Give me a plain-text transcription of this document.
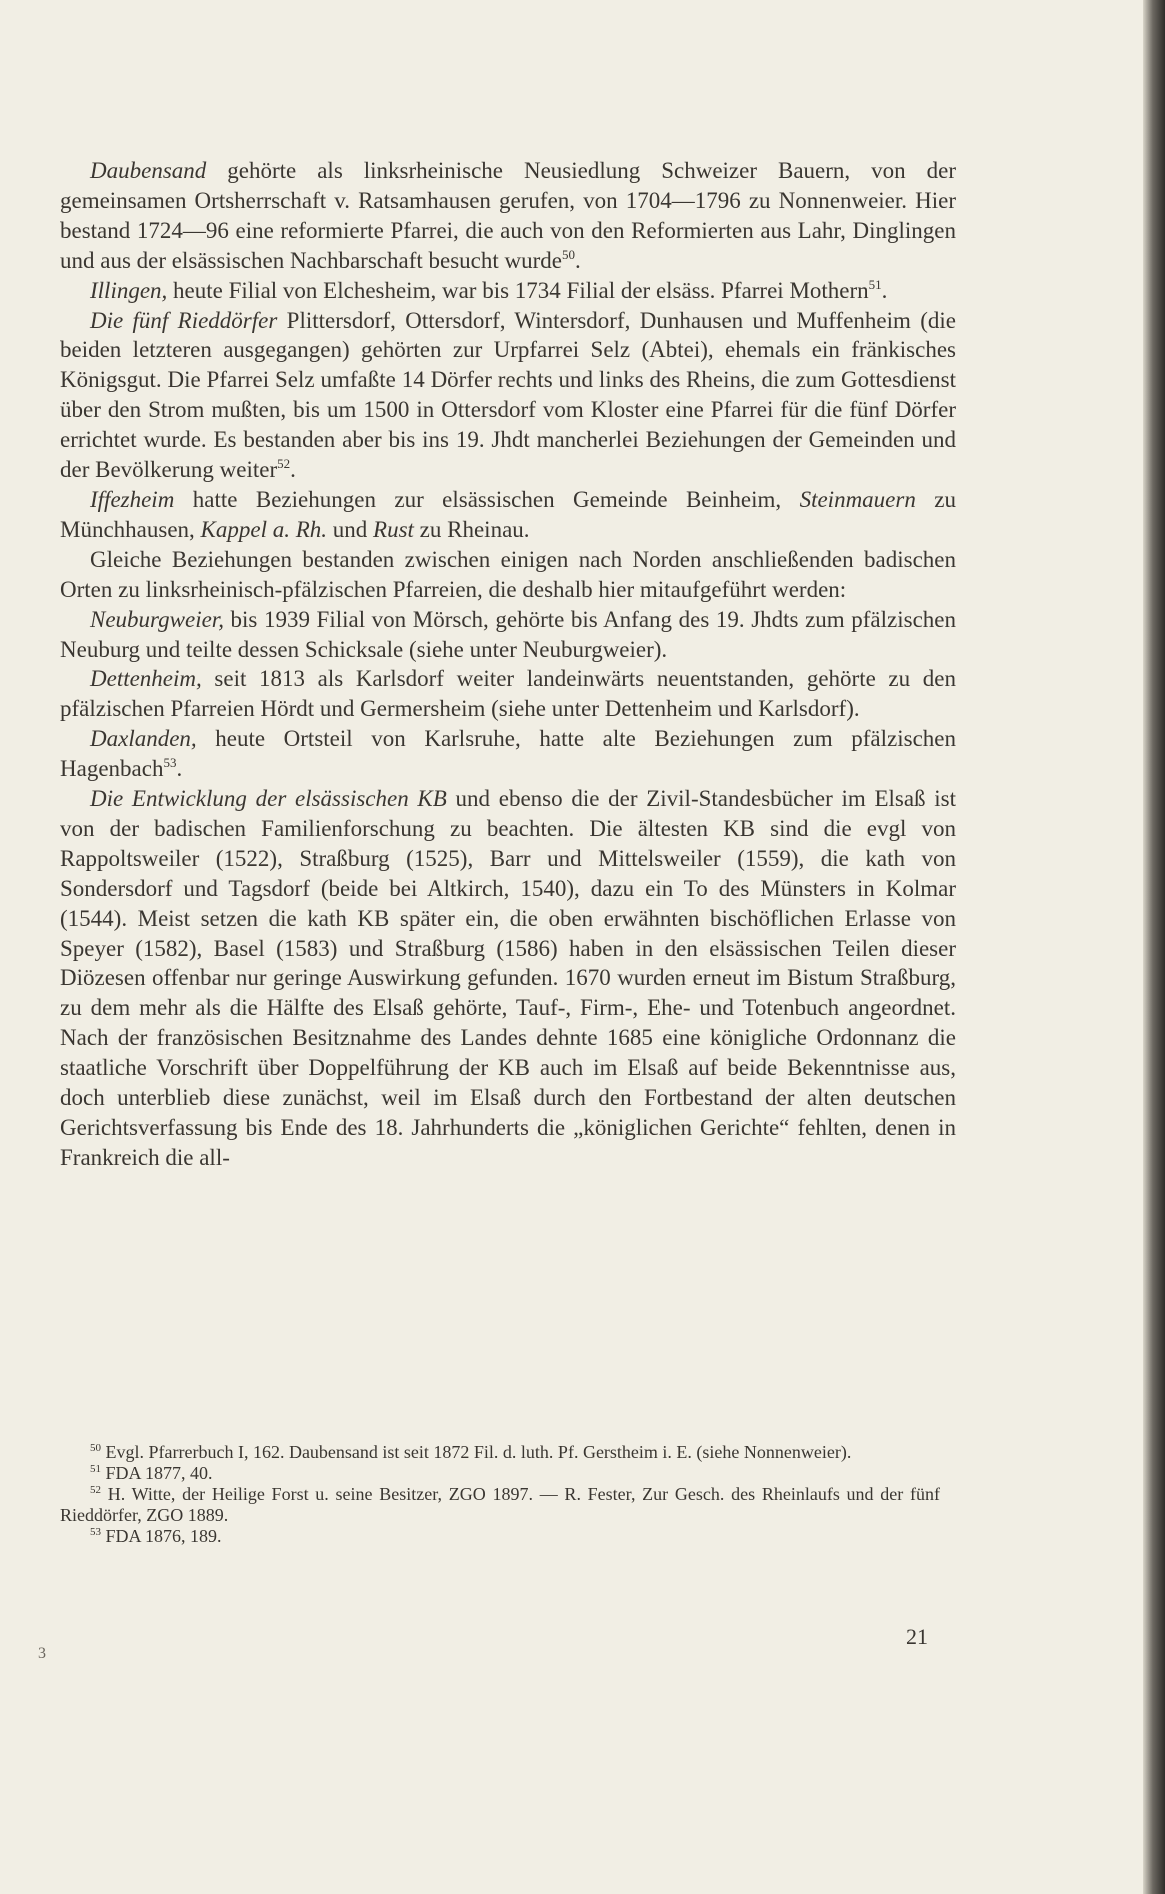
Daubensand gehörte als linksrheinische Neusiedlung Schweizer Bauern, von der gemeinsamen Ortsherrschaft v. Ratsamhausen gerufen, von 1704—1796 zu Nonnenweier. Hier bestand 1724—96 eine reformierte Pfarrei, die auch von den Reformierten aus Lahr, Dinglingen und aus der elsässischen Nachbarschaft besucht wurde$^{50}$.

Illingen, heute Filial von Elchesheim, war bis 1734 Filial der elsäss. Pfarrei Mothern$^{51}$.

Die fünf Rieddörfer Plittersdorf, Ottersdorf, Wintersdorf, Dunhausen und Muffenheim (die beiden letzteren ausgegangen) gehörten zur Urpfarrei Selz (Abtei), ehemals ein fränkisches Königsgut. Die Pfarrei Selz umfaßte 14 Dörfer rechts und links des Rheins, die zum Gottesdienst über den Strom mußten, bis um 1500 in Ottersdorf vom Kloster eine Pfarrei für die fünf Dörfer errichtet wurde. Es bestanden aber bis ins 19. Jhdt mancherlei Beziehungen der Gemeinden und der Bevölkerung weiter$^{52}$.

Iffezheim hatte Beziehungen zur elsässischen Gemeinde Beinheim, Steinmauern zu Münchhausen, Kappel a. Rh. und Rust zu Rheinau.

Gleiche Beziehungen bestanden zwischen einigen nach Norden anschließenden badischen Orten zu linksrheinisch-pfälzischen Pfarreien, die deshalb hier mitaufgeführt werden:

Neuburgweier, bis 1939 Filial von Mörsch, gehörte bis Anfang des 19. Jhdts zum pfälzischen Neuburg und teilte dessen Schicksale (siehe unter Neuburgweier).

Dettenheim, seit 1813 als Karlsdorf weiter landeinwärts neuentstanden, gehörte zu den pfälzischen Pfarreien Hördt und Germersheim (siehe unter Dettenheim und Karlsdorf).

Daxlanden, heute Ortsteil von Karlsruhe, hatte alte Beziehungen zum pfälzischen Hagenbach$^{53}$.

Die Entwicklung der elsässischen KB und ebenso die der Zivil-Standesbücher im Elsaß ist von der badischen Familienforschung zu beachten. Die ältesten KB sind die evgl von Rappoltsweiler (1522), Straßburg (1525), Barr und Mittelsweiler (1559), die kath von Sondersdorf und Tagsdorf (beide bei Altkirch, 1540), dazu ein To des Münsters in Kolmar (1544). Meist setzen die kath KB später ein, die oben erwähnten bischöflichen Erlasse von Speyer (1582), Basel (1583) und Straßburg (1586) haben in den elsässischen Teilen dieser Diözesen offenbar nur geringe Auswirkung gefunden. 1670 wurden erneut im Bistum Straßburg, zu dem mehr als die Hälfte des Elsaß gehörte, Tauf-, Firm-, Ehe- und Totenbuch angeordnet. Nach der französischen Besitznahme des Landes dehnte 1685 eine königliche Ordonnanz die staatliche Vorschrift über Doppelführung der KB auch im Elsaß auf beide Bekenntnisse aus, doch unterblieb diese zunächst, weil im Elsaß durch den Fortbestand der alten deutschen Gerichtsverfassung bis Ende des 18. Jahrhunderts die „königlichen Gerichte“ fehlten, denen in Frankreich die all-

$^{50}$ Evgl. Pfarrerbuch I, 162. Daubensand ist seit 1872 Fil. d. luth. Pf. Gerstheim i. E. (siehe Nonnenweier).

$^{51}$ FDA 1877, 40.

$^{52}$ H. Witte, der Heilige Forst u. seine Besitzer, ZGO 1897. — R. Fester, Zur Gesch. des Rheinlaufs und der fünf Rieddörfer, ZGO 1889.

$^{53}$ FDA 1876, 189.

21
3
